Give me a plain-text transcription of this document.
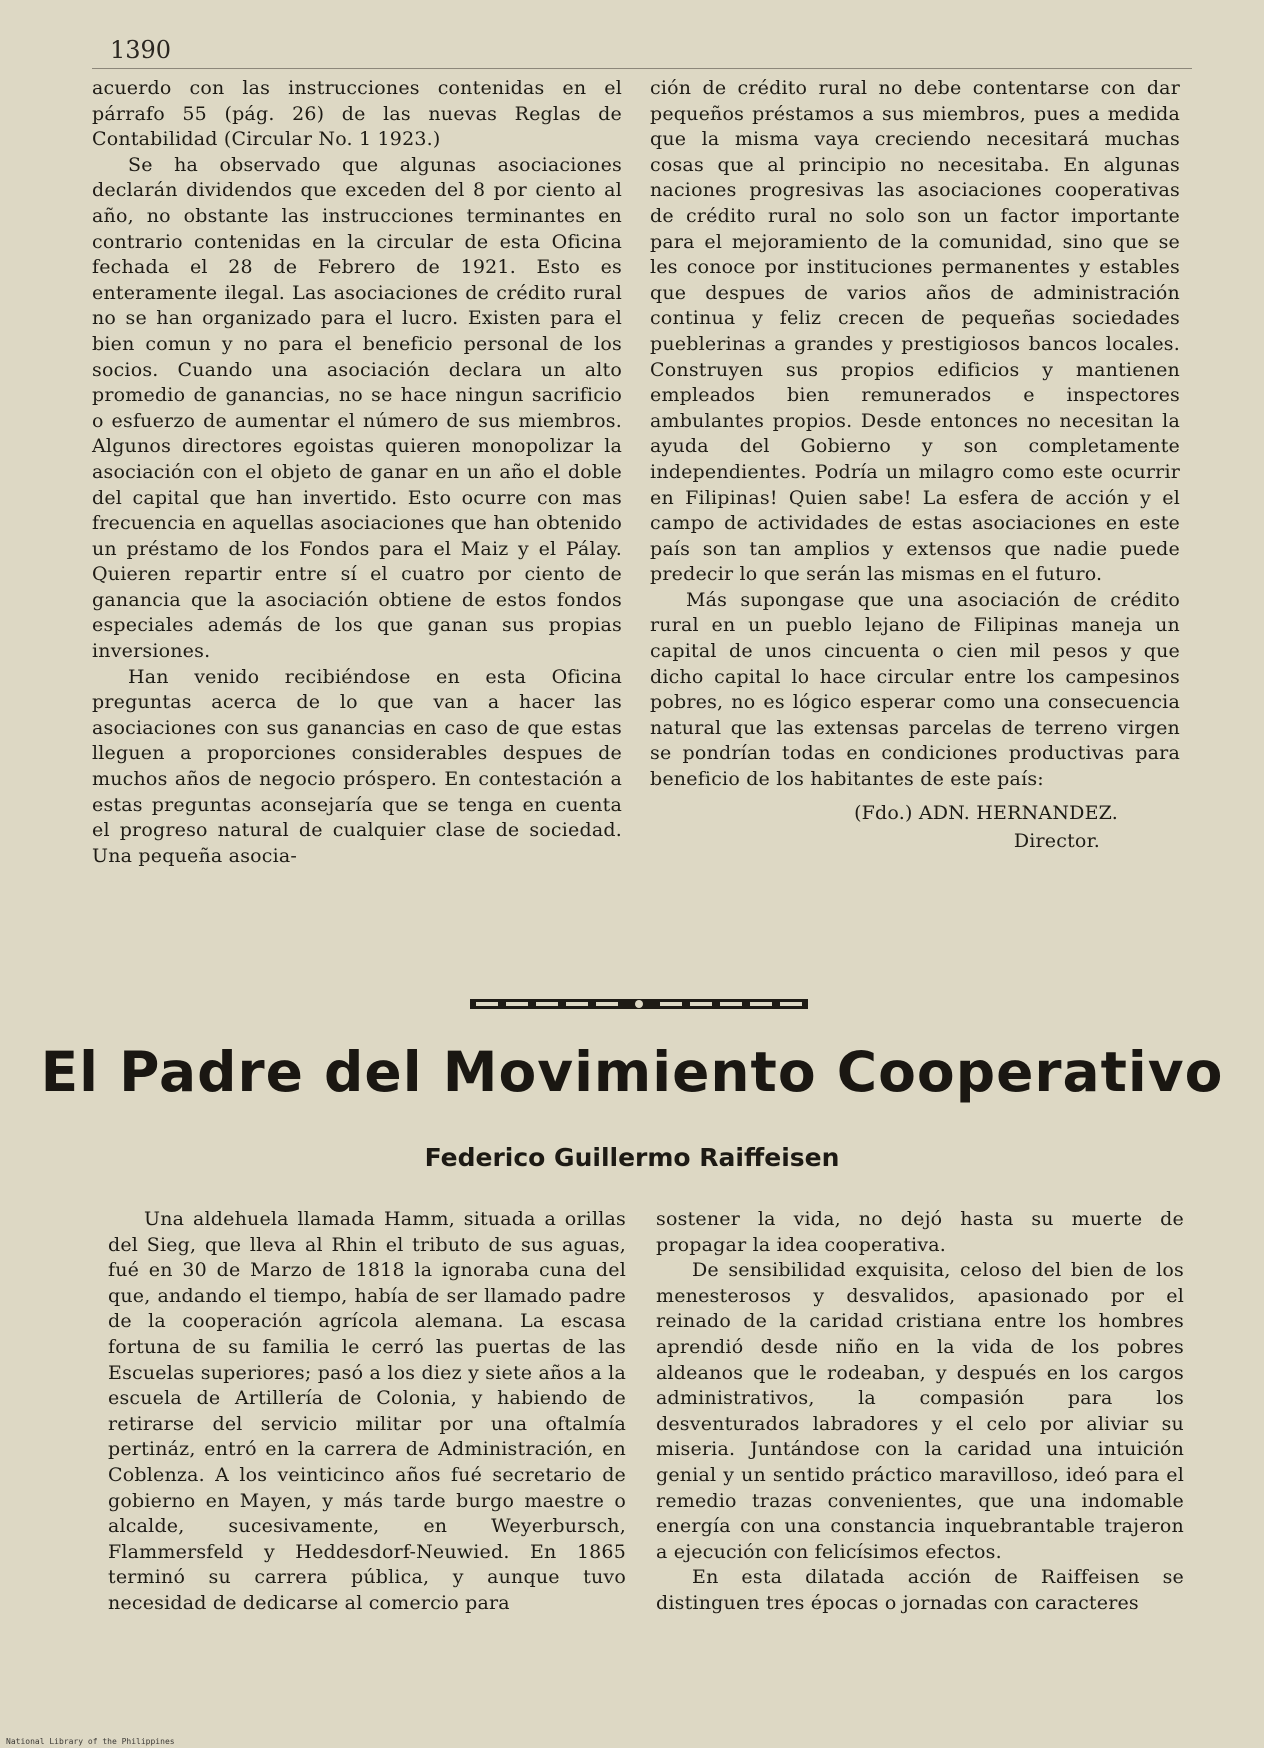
1390

acuerdo con las instrucciones contenidas en el párrafo 55 (pág. 26) de las nuevas Reglas de Contabilidad (Circular No. 1 1923.)

Se ha observado que algunas asociaciones declarán dividendos que exceden del 8 por ciento al año, no obstante las instrucciones terminantes en contrario contenidas en la circular de esta Oficina fechada el 28 de Febrero de 1921. Esto es enteramente ilegal. Las asociaciones de crédito rural no se han organizado para el lucro. Existen para el bien comun y no para el beneficio personal de los socios. Cuando una asociación declara un alto promedio de ganancias, no se hace ningun sacrificio o esfuerzo de aumentar el número de sus miembros. Algunos directores egoistas quieren monopolizar la asociación con el objeto de ganar en un año el doble del capital que han invertido. Esto ocurre con mas frecuencia en aquellas asociaciones que han obtenido un préstamo de los Fondos para el Maiz y el Pálay. Quieren repartir entre sí el cuatro por ciento de ganancia que la asociación obtiene de estos fondos especiales además de los que ganan sus propias inversiones.

Han venido recibiéndose en esta Oficina preguntas acerca de lo que van a hacer las asociaciones con sus ganancias en caso de que estas lleguen a proporciones considerables despues de muchos años de negocio próspero. En contestación a estas preguntas aconsejaría que se tenga en cuenta el progreso natural de cualquier clase de sociedad. Una pequeña asocia-

ción de crédito rural no debe contentarse con dar pequeños préstamos a sus miembros, pues a medida que la misma vaya creciendo necesitará muchas cosas que al principio no necesitaba. En algunas naciones progresivas las asociaciones cooperativas de crédito rural no solo son un factor importante para el mejoramiento de la comunidad, sino que se les conoce por instituciones permanentes y estables que despues de varios años de administración continua y feliz crecen de pequeñas sociedades pueblerinas a grandes y prestigiosos bancos locales. Construyen sus propios edificios y mantienen empleados bien remunerados e inspectores ambulantes propios. Desde entonces no necesitan la ayuda del Gobierno y son completamente independientes. Podría un milagro como este ocurrir en Filipinas! Quien sabe! La esfera de acción y el campo de actividades de estas asociaciones en este país son tan amplios y extensos que nadie puede predecir lo que serán las mismas en el futuro.

Más supongase que una asociación de crédito rural en un pueblo lejano de Filipinas maneja un capital de unos cincuenta o cien mil pesos y que dicho capital lo hace circular entre los campesinos pobres, no es lógico esperar como una consecuencia natural que las extensas parcelas de terreno virgen se pondrían todas en condiciones productivas para beneficio de los habitantes de este país:

(Fdo.) ADN. HERNANDEZ.
Director.
El Padre del Movimiento Cooperativo
Federico Guillermo Raiffeisen

Una aldehuela llamada Hamm, situada a orillas del Sieg, que lleva al Rhin el tributo de sus aguas, fué en 30 de Marzo de 1818 la ignoraba cuna del que, andando el tiempo, había de ser llamado padre de la cooperación agrícola alemana. La escasa fortuna de su familia le cerró las puertas de las Escuelas superiores; pasó a los diez y siete años a la escuela de Artillería de Colonia, y habiendo de retirarse del servicio militar por una oftalmía pertináz, entró en la carrera de Administración, en Coblenza. A los veinticinco años fué secretario de gobierno en Mayen, y más tarde burgo maestre o alcalde, sucesivamente, en Weyerbursch, Flammersfeld y Heddesdorf-Neuwied. En 1865 terminó su carrera pública, y aunque tuvo necesidad de dedicarse al comercio para

sostener la vida, no dejó hasta su muerte de propagar la idea cooperativa.

De sensibilidad exquisita, celoso del bien de los menesterosos y desvalidos, apasionado por el reinado de la caridad cristiana entre los hombres aprendió desde niño en la vida de los pobres aldeanos que le rodeaban, y después en los cargos administrativos, la compasión para los desventurados labradores y el celo por aliviar su miseria. Juntándose con la caridad una intuición genial y un sentido práctico maravilloso, ideó para el remedio trazas convenientes, que una indomable energía con una constancia inquebrantable trajeron a ejecución con felicísimos efectos.

En esta dilatada acción de Raiffeisen se distinguen tres épocas o jornadas con caracteres

National Library of the Philippines
